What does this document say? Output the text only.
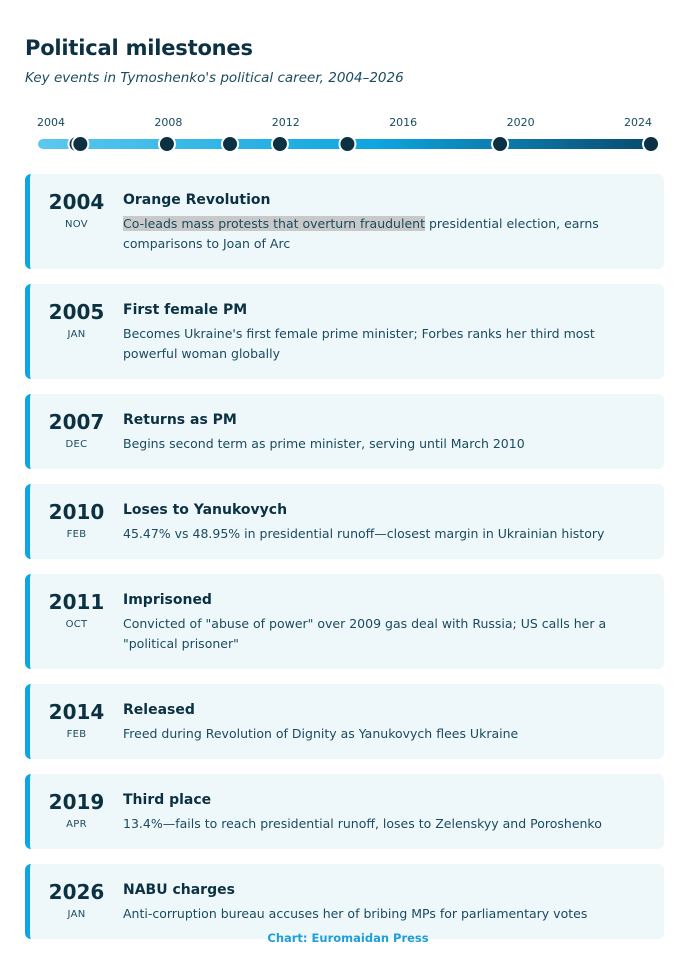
Political milestones

Key events in Tymoshenko's political career, 2004–2026

2004	2008	2012	2016	2020	2024
2004
NOV
Orange Revolution
Co-leads mass protests that overturn fraudulent presidential election, earns comparisons to Joan of Arc
2005
JAN
First female PM
Becomes Ukraine's first female prime minister; Forbes ranks her third most powerful woman globally
2007
DEC
Returns as PM
Begins second term as prime minister, serving until March 2010
2010
FEB
Loses to Yanukovych
45.47% vs 48.95% in presidential runoff—closest margin in Ukrainian history
2011
OCT
Imprisoned
Convicted of "abuse of power" over 2009 gas deal with Russia; US calls her a "political prisoner"
2014
FEB
Released
Freed during Revolution of Dignity as Yanukovych flees Ukraine
2019
APR
Third place
13.4%—fails to reach presidential runoff, loses to Zelenskyy and Poroshenko
2026
JAN
NABU charges
Anti-corruption bureau accuses her of bribing MPs for parliamentary votes
Chart: Euromaidan Press
